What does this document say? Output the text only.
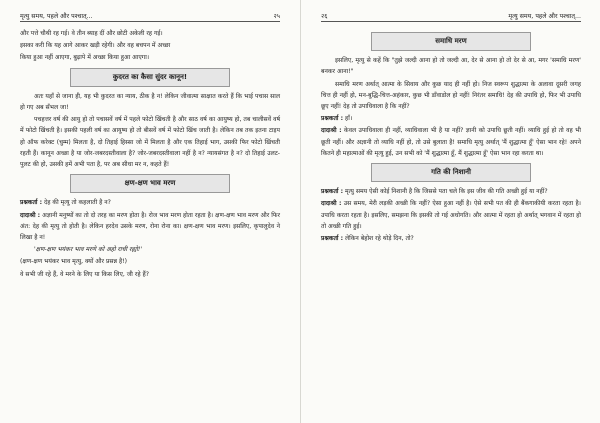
मृत्यु समय, पहले और पश्चात्...	२५

और पत्ते चौथी रह गई। वे तीन ब्याह दीं और छोटी अकेली रह गई।

इसका करी कि यह आगे आकर खड़ी रहेगी। और वह बचपन में अच्छा

किया हुआ नहीं आएगा, बुढ़ापे में अच्छा किया हुआ आएगा।

कुदरत का कैसा सुंदर कानून!

अतः यहाँ से जाना ही, यह भी कुदरत का न्याय, ठीक है न! लेकिन जीवात्मा साक्षात करते हैं कि भाई पचास साल हो गए अब सँभल जा!

पचहत्तर वर्ष की आयु हो तो पचासवें वर्ष में पहले फोटो खिंचती है और साठ वर्ष का आयुष्य हो, तब चालीसवें वर्ष में फोटो खिंचती है। इसकी पहली वर्ष का आयुष्य हो तो बीसवें वर्ष में फोटो खिंच जाती है। लेकिन तब तक इतना टाइप हो ऑफ करेक्ट (चुम्म) मिलता है, दो तिहाई हिस्सा जो में मिलता है और एक तिहाई भाग, उसकी फिर फोटो खिंचती रहती हैं। कानून अच्छा है या जोर-जबरदस्तीवाला है? जोर-जबरदस्तीवाला नहीं है न? न्यायसंगत है न? दो तिहाई उलट-पुलट की हो, उसकी हमें अभी पता है, पर अब सीधा मर न, कहते हैं!

क्षण-क्षण भाव मरण

प्रश्नकर्ता : देह की मृत्यु तो कहलाती है न?

दादाश्री : अज्ञानी मनुष्यों का तो दो तरह का मरण होता है। रोज भाव मरण होता रहता है। क्षण-क्षण भाव मरण और फिर अंत: देह की मृत्यु तो होती है। लेकिन हरदेव उसके मरण, रोना रोना का। क्षण-क्षण भाव मरण। इसलिए, कृपालुदेव ने लिखा है न!

'क्षण-क्षण भयंकर भाव मरणे को अहो राची रह्यो!'

(क्षण-क्षण भयंकर भाव मृत्यु, क्यों और प्रसन्न है!)

वे सभी जी रहे हैं, वे मरने के लिए या किस लिए, जी रहे हैं?

२६	मृत्यु समय, पहले और पश्चात्...
समाधि मरण

इसलिए, मृत्यु से कहें कि "तुझे जल्दी आना हो तो जल्दी आ, देर से आना हो तो देर से आ, मगर 'समाधि मरण' बनकर आना!"

समाधि मरण अर्थात् आत्मा के सिवाय और कुछ याद ही नहीं हो। निज स्वरूप शुद्धात्मा के अलावा दूसरी जगह चित्त ही नहीं हो, मन-बुद्धि-चित्त-अहंकार, कुछ भी डाँवाडोल हो नहीं! निरंतर समाधि! देह की उपाधि हो, फिर भी उपाधि छूए नहीं! देह तो उपाधिवाला है कि नहीं?

प्रश्नकर्ता : हाँ।

दादाश्री : केवल उपाधिवाला ही नहीं, व्याधिवाला भी है या नहीं? ज्ञानी को उपाधि छूती नहीं। व्याधि हुई हो तो वह भी छूती नहीं। और अज्ञानी तो व्याधि नहीं हो, तो उसे बुलाता है! समाधि मृत्यु अर्थात् 'मैं शुद्धात्मा हूँ' ऐसा भान रहे! अपने कितने ही महात्माओं की मृत्यु हुई, उन सभी को 'मैं शुद्धात्मा हूँ, मैं शुद्धात्मा हूँ' ऐसा भान रहा करता था।

गति की निशानी

प्रश्नकर्ता : मृत्यु समय ऐसी कोई निशानी है कि जिससे पता चले कि इस जीव की गति अच्छी हुई या नहीं?

दादाश्री : उस समय, मेरी लड़की अच्छी कि नहीं? ऐसा हुआ नहीं है। ऐसे सभी पत की ही बैंकगाकीयी करता रहता है। उपाधि करता रहता है। इसलिए, समझना कि इसकी तो गई अधोगति। और आत्मा में रहता हो अर्थात् भगवान में रहता हो तो अच्छी गति हुई।

प्रश्नकर्ता : लेकिन बेहोश रहे थोड़े दिन, तो?
